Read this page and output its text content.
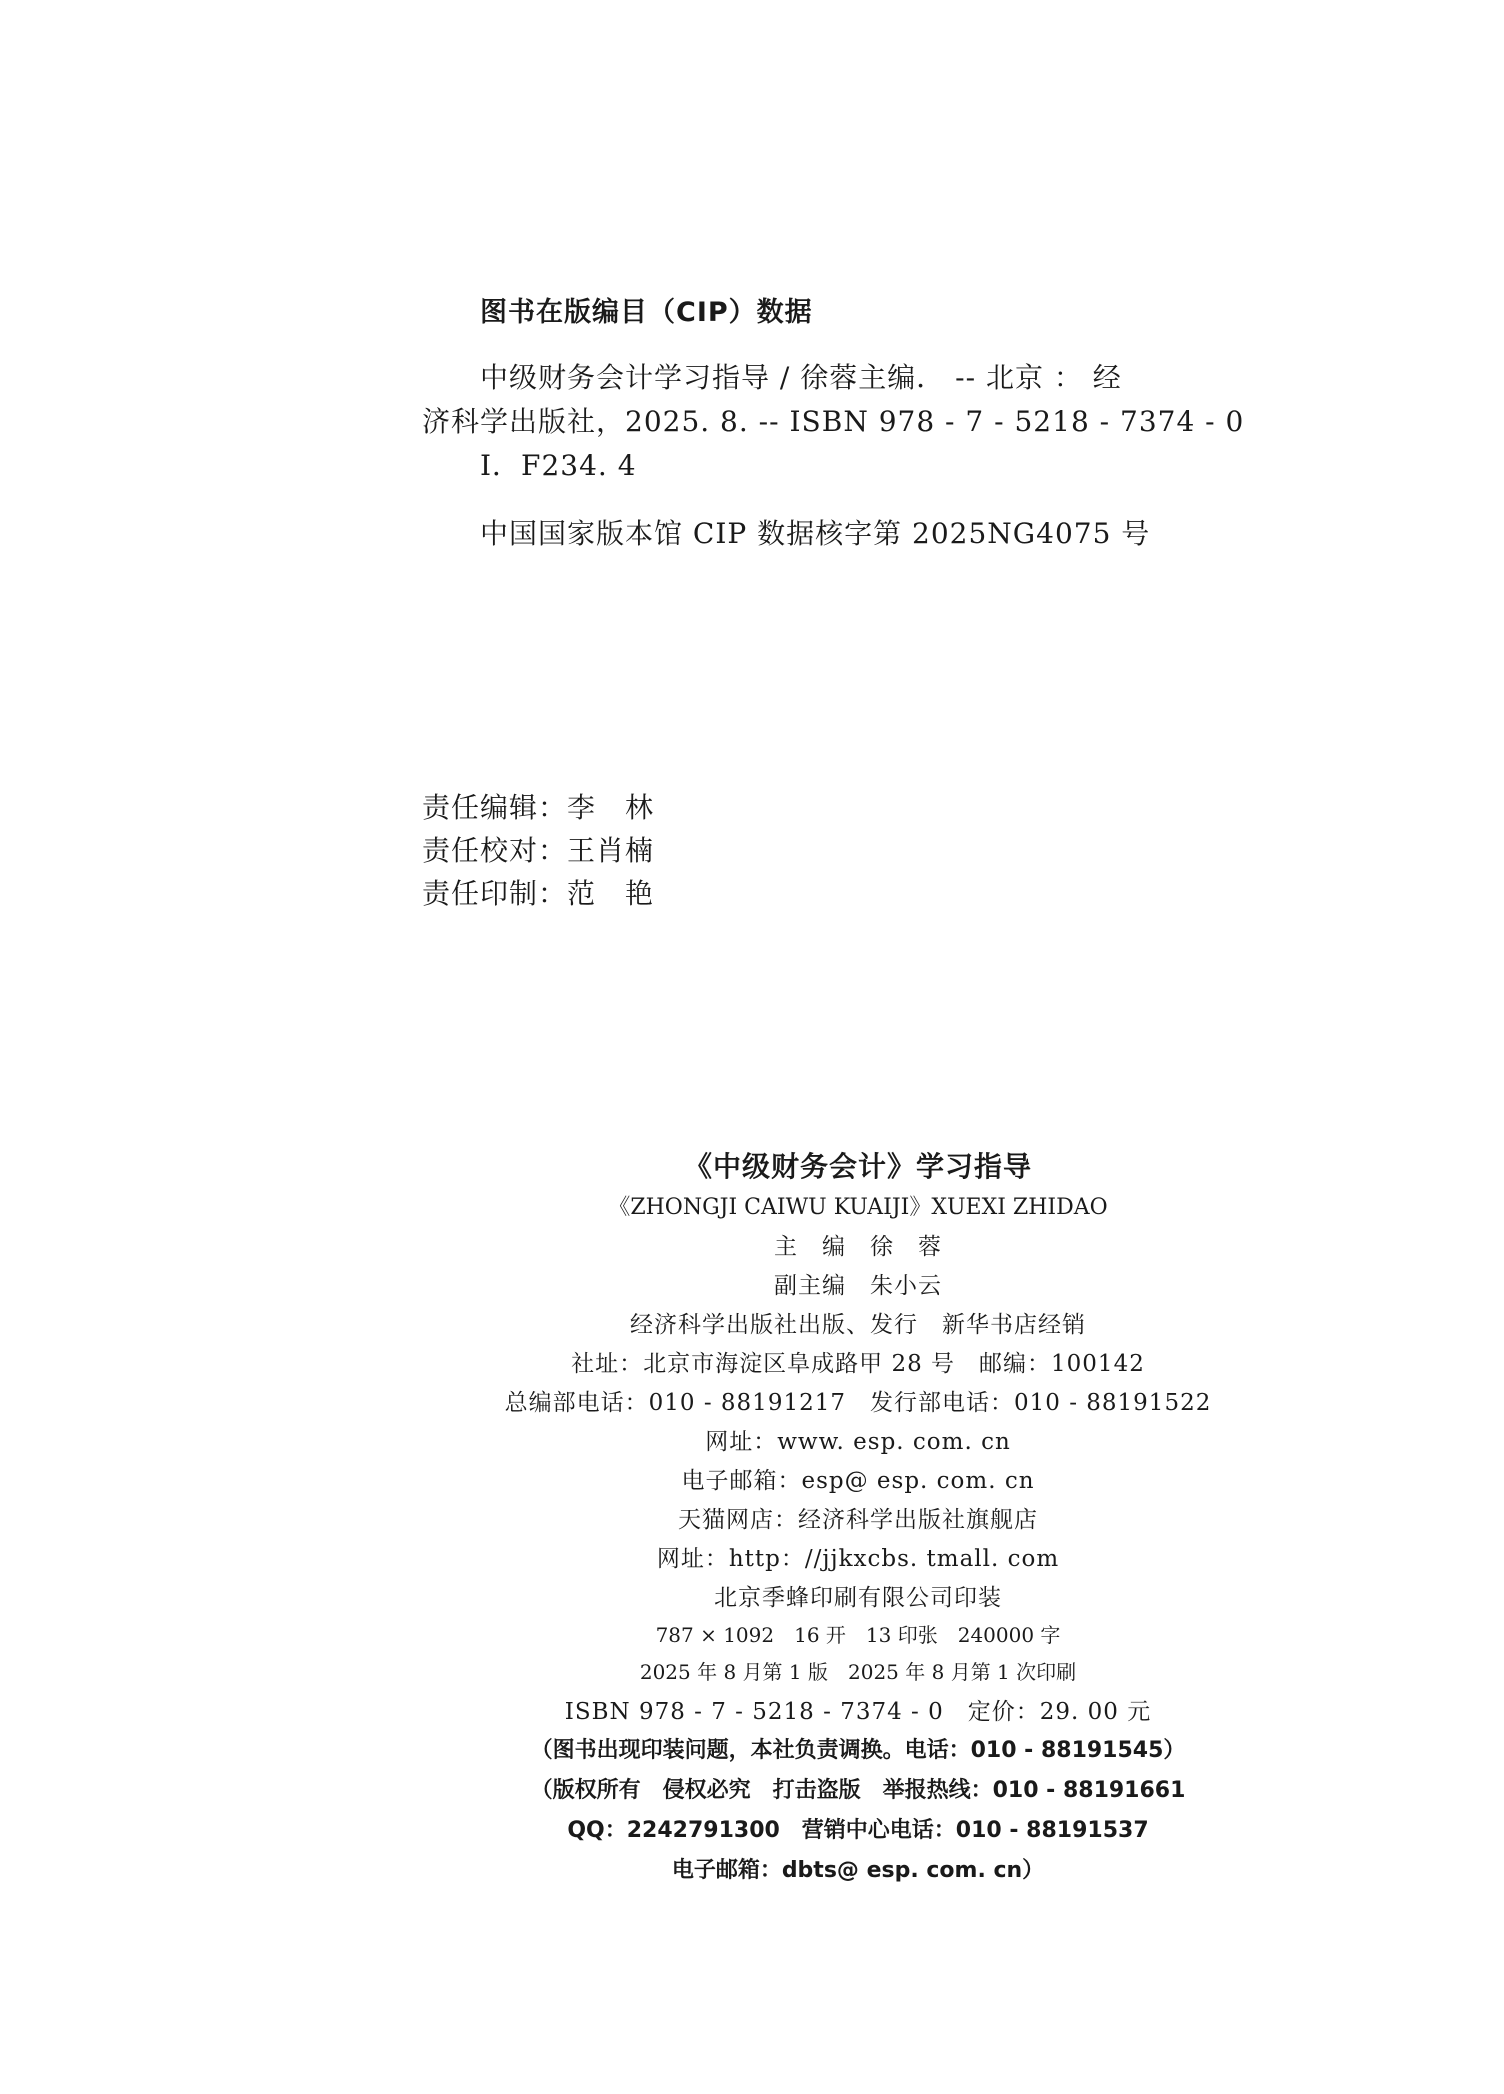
图书在版编目（CIP）数据
中级财务会计学习指导 / 徐蓉主编． -- 北京 ： 经
济科学出版社，2025. 8. -- ISBN 978 - 7 - 5218 - 7374 - 0
Ⅰ．F234. 4
中国国家版本馆 CIP 数据核字第 2025NG4075 号
责任编辑：李　林
责任校对：王肖楠
责任印制：范　艳
《中级财务会计》学习指导
《ZHONGJI CAIWU KUAIJI》XUEXI ZHIDAO
主　编　徐　蓉
副主编　朱小云
经济科学出版社出版、发行　新华书店经销
社址：北京市海淀区阜成路甲 28 号　邮编：100142
总编部电话：010 - 88191217　发行部电话：010 - 88191522
网址：www. esp. com. cn
电子邮箱：esp@ esp. com. cn
天猫网店：经济科学出版社旗舰店
网址：http：//jjkxcbs. tmall. com
北京季蜂印刷有限公司印装
787 × 1092　16 开　13 印张　240000 字
2025 年 8 月第 1 版　2025 年 8 月第 1 次印刷
ISBN 978 - 7 - 5218 - 7374 - 0　定价：29. 00 元
（图书出现印装问题，本社负责调换。电话：010 - 88191545）
（版权所有　侵权必究　打击盗版　举报热线：010 - 88191661
QQ：2242791300　营销中心电话：010 - 88191537
电子邮箱：dbts@ esp. com. cn）
